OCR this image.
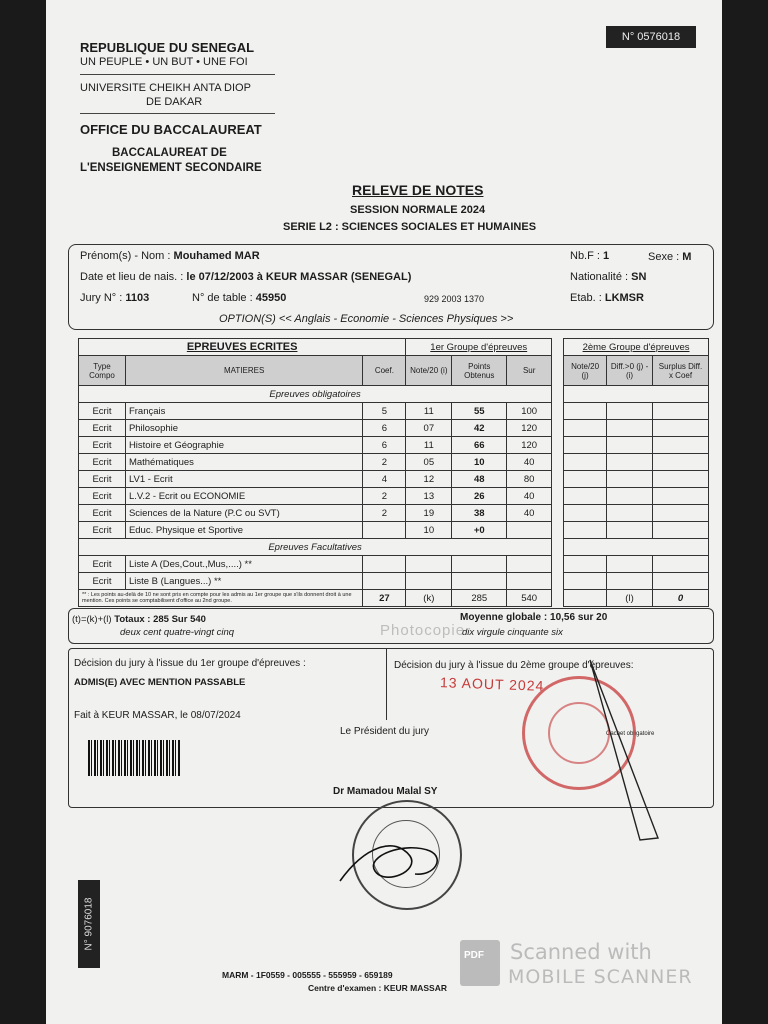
N° 0576018
REPUBLIQUE DU SENEGAL
UN PEUPLE • UN BUT • UNE FOI
UNIVERSITE CHEIKH ANTA DIOP
DE DAKAR
OFFICE DU BACCALAUREAT
BACCALAUREAT DE
L'ENSEIGNEMENT SECONDAIRE
RELEVE DE NOTES
SESSION NORMALE 2024
SERIE L2 : SCIENCES SOCIALES ET HUMAINES
Prénom(s) - Nom : Mouhamed MAR
Date et lieu de nais. : le 07/12/2003 à KEUR MASSAR (SENEGAL)
Jury N° : 1103	N° de table : 45950	929 2003 1370
Nb.F : 1	Sexe : M
Nationalité : SN
Etab. : LKMSR
OPTION(S) << Anglais - Economie - Sciences Physiques >>
EPREUVES ECRITES			1er Groupe d'épreuves				2ème Groupe d'épreuves		
Type Compo	MATIERES	Coef.	Note/20 (i)	Points Obtenus	Sur		Note/20 (j)	Diff.>0 (j) - (i)	Surplus Diff. x Coef
Epreuves obligatoires									
Ecrit	Français	5	11	55	100				
Ecrit	Philosophie	6	07	42	120				
Ecrit	Histoire et Géographie	6	11	66	120				
Ecrit	Mathématiques	2	05	10	40				
Ecrit	LV1 - Ecrit	4	12	48	80				
Ecrit	L.V.2 - Ecrit ou ECONOMIE	2	13	26	40				
Ecrit	Sciences de la Nature (P.C ou SVT)	2	19	38	40				
Ecrit	Educ. Physique et Sportive		10	+0					
Epreuves Facultatives									
Ecrit	Liste A (Des,Cout.,Mus,....) **								
Ecrit	Liste B (Langues...) **								
** : Les points au-delà de 10 ne sont pris en compte pour les admis au 1er groupe que s'ils donnent droit à une mention. Ces points se comptabilisent d'office au 2nd groupe.		27	(k)	285	540			(l)	0
(t)=(k)+(l) Totaux : 285 Sur 540
deux cent quatre-vingt cinq	Photocopie
Moyenne globale : 10,56 sur 20
dix virgule cinquante six
Décision du jury à l'issue du 1er groupe d'épreuves :
ADMIS(E) AVEC MENTION PASSABLE
Fait à KEUR MASSAR, le 08/07/2024
Décision du jury à l'issue du 2ème groupe d'épreuves:
13 AOUT 2024
Cachet obligatoire
Le Président du jury
Dr Mamadou Malal SY
N° 9076018
MARM - 1F0559 - 005555 - 555959 - 659189
Centre d'examen : KEUR MASSAR
PDF Scanned with
MOBILE SCANNER
